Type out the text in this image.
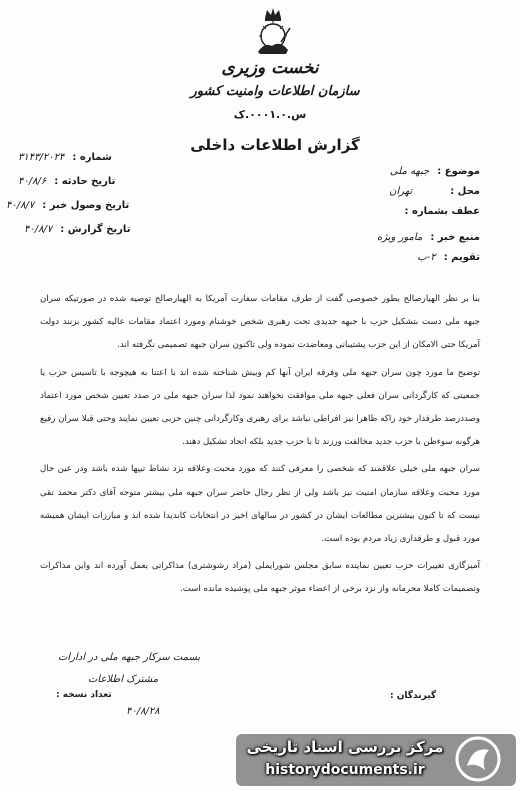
نخست وزیری
سازمان اطلاعات وامنیت کشور
س.۰۰۰۱.۰.ک
گزارش اطلاعات داخلی
موضوع :جبهه ملی
محل :تهران
عطف بشماره :
منبع خبر :مامور ویژه
تقویم :۲-ب
شماره :۳۱۴۳/۲۰۲۴
تاریخ حادثه :۴۰/۸/۶
تاریخ وصول خبر :۴۰/۸/۷
تاریخ گزارش :۴۰/۸/۷

بنا بر نظر الهیارصالح بطور خصوصی گفت از طرف مقامات سفارت آمریکا به الهیارصالح توصیه شده در صورتیکه سران جبهه ملی دست بتشکیل حزب با جبهه جدیدی تحت رهبری شخص خوشنام ومورد اعتماد مقامات عالیه کشور بزنند دولت آمریکا حتی الامکان از این حزب پشتیبانی ومعاضدت نموده ولی تاکنون سران جبهه تصمیمی نگرفته اند.

توضیح ما مورد چون سران جبهه ملی وفرقه ایران آنها کم وبیش شناخته شده اند با اعتنا به هیچوجه با تاسیس حزب یا جمعیتی که کارگردانی سران فعلی جبهه ملی موافقت نخواهند نمود لذا سران جبهه ملی در صدد تعیین شخص مورد اعتماد وصددرصد طرفدار خود راکه ظاهرا نیز افراطی نباشد برای رهبری وکارگردانی چنین حزبی تعیین نمایند وحتی قبلا سران رفیع هرگونه سوءظن با حزب جدید مخالفت ورزند تا با حزب جدید بلکه اتحاد تشکیل دهند.

سران جبهه ملی خیلی علاقمند که شخصی را معرفی کنند که مورد محبت وعلاقه نزد نشاط تیپها شده باشد ودر عین حال مورد محبت وعلاقه سازمان امنیت نیز باشد ولی از نظر رجال حاضر سران جبهه ملی بیشتر متوجه آقای دکتر محمد تقی نیست که تا کنون بیشترین مطالعات ایشان در کشور در سالهای اخیر در انتخابات کاندیدا شده اند و مبارزات ایشان همیشه مورد قبول و طرفداری زیاد مردم بوده است.

آمیزگاری تغییرات حزب تعیین نماینده سابق مجلس شورایملی (مراد رشوشتری) مذاکراتی بعمل آورده اند واین مذاکرات وتصمیمات کاملا محرمانه واز نزد برخی از اعضاء موثر جبهه ملی پوشیده مانده است.

بسمت سرکار جبهه ملی در ادارات
مشترک اطلاعات
تعداد نسخه :
۴۰/۸/۲۸
گیرندگان :
مرکز بررسی اسناد تاریخی
historydocuments.ir
